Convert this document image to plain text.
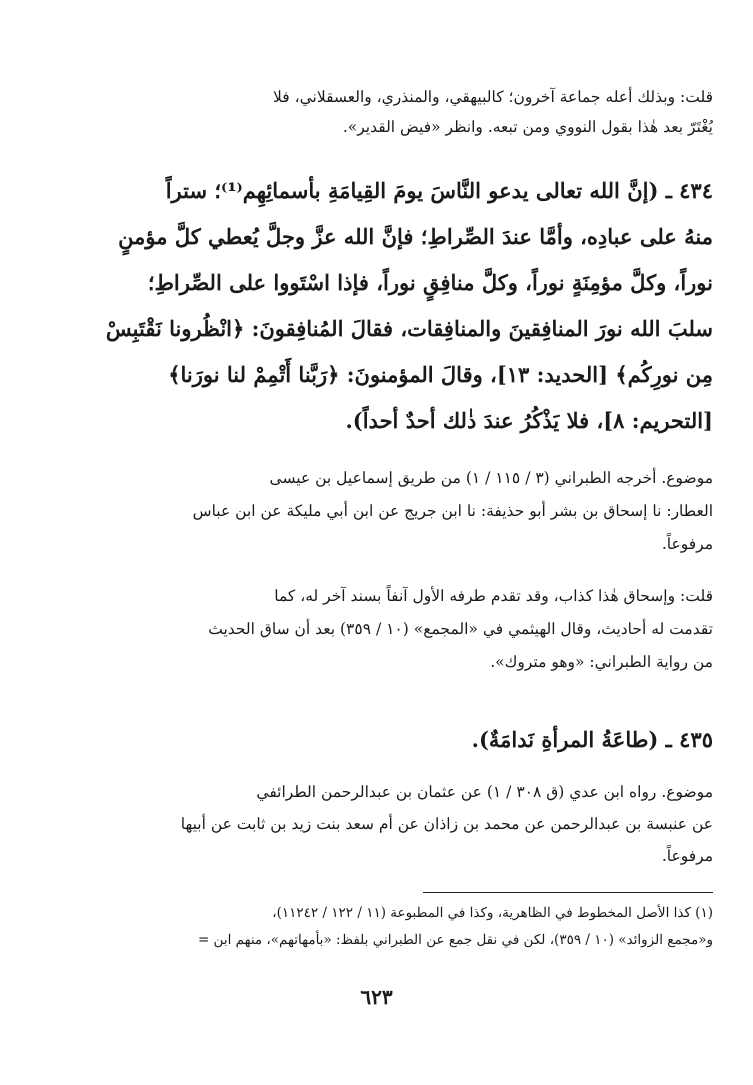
قلت: وبذلك أعله جماعة آخرون؛ كالبيهقي، والمنذري، والعسقلاني، فلا
يُغْتَرّ بعد هٰذا بقول النووي ومن تبعه. وانظر «فيض القدير».
٤٣٤ ـ (إنَّ الله تعالى يدعو النَّاسَ يومَ القِيامَةِ بأسمائِهِم⁽¹⁾؛ ستراً
منهُ على عبادِه، وأمَّا عندَ الصِّراطِ؛ فإنَّ الله عزَّ وجلَّ يُعطي كلَّ مؤمنٍ
نوراً، وكلَّ مؤمِنَةٍ نوراً، وكلَّ منافِقٍ نوراً، فإذا اسْتَووا على الصِّراطِ؛
سلبَ الله نورَ المنافِقينَ والمنافِقات، فقالَ المُنافِقونَ: ﴿انْظُرونا نَقْتَبِسْ
مِن نورِكُم﴾ [الحديد: ١٣]، وقالَ المؤمنونَ: ﴿رَبَّنا أَتْمِمْ لنا نورَنا﴾
[التحريم: ٨]، فلا يَذْكُرُ عندَ ذٰلك أحدٌ أحداً).
موضوع. أخرجه الطبراني (٣ / ١١٥ / ١) من طريق إسماعيل بن عيسى
العطار: نا إسحاق بن بشر أبو حذيفة: نا ابن جريج عن ابن أبي مليكة عن ابن عباس
مرفوعاً.
قلت: وإسحاق هٰذا كذاب، وقد تقدم طرفه الأول آنفاً بسند آخر له، كما
تقدمت له أحاديث، وقال الهيثمي في «المجمع» (١٠ / ٣٥٩) بعد أن ساق الحديث
من رواية الطبراني: «وهو متروك».
٤٣٥ ـ (طاعَةُ المرأةِ نَدامَةٌ).
موضوع. رواه ابن عدي (ق ٣٠٨ / ١) عن عثمان بن عبدالرحمن الطرائفي
عن عنبسة بن عبدالرحمن عن محمد بن زاذان عن أم سعد بنت زيد بن ثابت عن أبيها
مرفوعاً.
(١) كذا الأصل المخطوط في الظاهرية، وكذا في المطبوعة (١١ / ١٢٢ / ١١٢٤٢)،
و«مجمع الزوائد» (١٠ / ٣٥٩)، لكن في نقل جمع عن الطبراني بلفظ: «بأمهاتهم»، منهم ابن =
٦٢٣
